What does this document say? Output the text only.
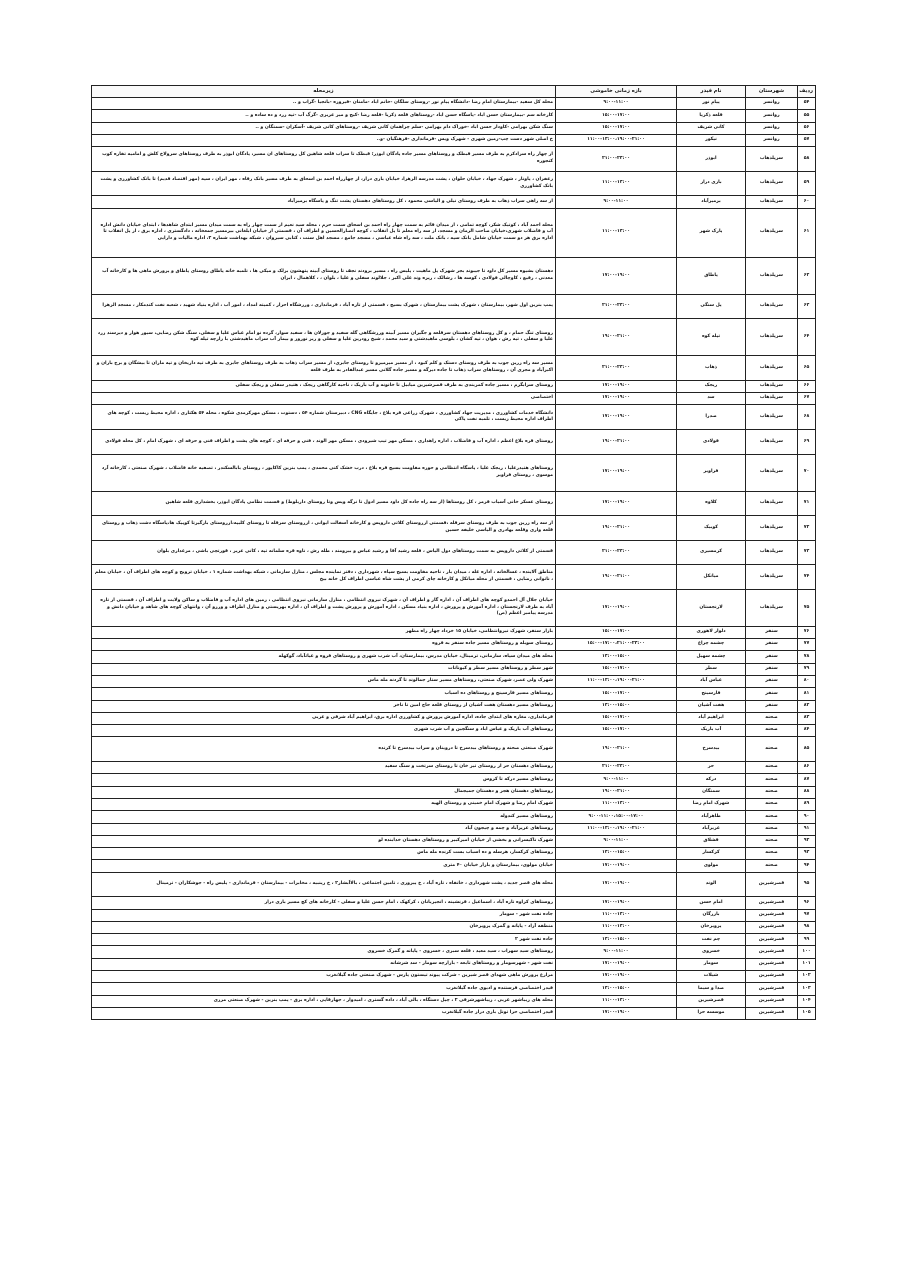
ردیف	شهرستان	نام فیدر	بازه زمانی خاموشی	زیرمحله
۵۴	روانسر	پیام نور	۹:۰۰-۱۱:۰۰	محله کل سفید -بیمارستان امام رضا -دانشگاه پیام نور -روستای سلگان -خانم اباد -مامنان -فیروزه -بانجیا -گراب و ..
۵۵	روانسر	قلعه ذکریا	۱۵:۰۰-۱۷:۰۰	کارخانه سم -بیمارستان حسن اباد -پاسگاه حسن اباد -روستاهای قلعه ذکریا -قلعه رضا -کیج و میر عزیزی -گرگ آب -تپه زرد و ده ساده و ..
۵۶	روانسر	کانی شریف	۱۵:۰۰-۱۷:۰۰	سنگ شکن بهرامی -کاودار حسن اباد -خوراک دام بهرامی -سلم چراهمان کانی شریف -روستاهای کانی شریف -آسکران -سمنگان و ..
۵۷	روانسر	نیکور	۱۱:۰۰-۱۳:۰۰،۱۹:۰۰-۲۱:۰۰	خ اصلی شهر دست چپ-زمین شهری - شهرک ویس -فرمانداری -فرهنگیان -و..
۵۸	سرپلذهاب	ابوذر	۲۱:۰۰-۲۳:۰۰	از چهار راه سرادکرم به طرف مسیر قبطک و روستاهای مسیر جاده پادگان ابوذر؛ قبطک تا سراب قلعه شاهین کل روستاهای ان مسیر، پادگان ابوذر به طرف روستاهای سرولاخ کلش و امامیه تقاره کوب کنجوره
۵۹	سرپلذهاب	بازی دراز	۱۱:۰۰-۱۳:۰۰	زعفران ، پاونار ، شهرک جهاد ، خیابان حلوان ، پشت مدرسه الزهرا، خیابان بازی دراز، از چهارراه احمد بن اسحاق به طرف مسیر بانک رفاه ، مهر ایران ، سپه (مهر اقتصاد قدیم) تا بانک کشاورزی و پشت بانک کشاورزی
۶۰	سرپلذهاب	بزمیرآباد	۹:۰۰-۱۱:۰۰	از سه راهی سراب ذهاب به طرف روستای نیلی و الیاسی محمود ، کل روستاهای دهستان پشت تنگ و پاسگاه بزمیرآباد
۶۱	سرپلذهاب	پارک شهر	۱۱:۰۰-۱۳:۰۰	محله احمد آباد ، کوتیک شکر، کوچه تمامی ، از میدان قائم به سمت چهار راه احمد بن اسحاق سمت حرم ، محله سید نعیم از سمت چهار راه به سمت میدان مسیر ابتدای شاهدها ، ابتدای خیابان دانش اداره آب و فاضلاب شهری،خیابان صاحب الزمان و مسجد، از سه راه معلم تا پل انقلاب ، کوچه انصارالحسین و اطراف آن ، قسمتی از خیابان ابلغانی بیرمسیر جمعخانه ، دادگستری ، اداره برق ، از پل انقلاب تا اداره برق هر دو سمت خیابان شامل بانک سپه ، بانک ملت ، سه راه شاه عباسی ، مسجد جامع ، مسجد اهل سنت ، کتابی سیروان ، شبکه بهداشت شماره ۲، اداره مالیات و دارایی
۶۲	سرپلذهاب	پاطاق	۱۷:۰۰-۱۹:۰۰	دهستان بشیوه مسیر کل داود تا جیبوند بجز شهرک پل ماهیت ، پلیس راه ، مسیر بزودند نجف تا روستای آبینه پتهشون بزلک و میکی ها ، تلمبه خانه پاطاق روستای پاطاق و پرورش ماهی ها و کارخانه آب معدنی ، رفیع ، کاوچالی فولادی ، کوسه ها ، رشالک ، ریزه وند علی اکبر ، جلالوند سفلی و علیا ، بلوان ، ، کلاهمال ، ایران
۶۳	سرپلذهاب	پل سنگی	۲۱:۰۰-۲۳:۰۰	پمپ بنزین اول شهر، بیمارستان ، شهرک پشت بیمارستان ، شهرک بسیج ، قسمتی از تازه آباد ، فرمانداری ، ورزشگاه احرار ، کمیته امداد ، امور آب ، اداره بنیاد شهید ، شعبه نفت کندمکاز ، مسجد الزهرا
۶۴	سرپلذهاب	تپله کوه	۱۹:۰۰-۲۱:۰۰	روستای تنگ حمام ، و کل روستاهای دهستان سرقلعه و جگیران مسیر آبینه ورزشگاهی گله سفید و جوزلان ها ، سفید سوار، گرده نو امام عباس علیا و سفلی، سنگ شکن رضایی، سیور هوار و دیرسند زرد علیا و سفلی ، تپه رش ، هوان ، تپه کشان ، بلوسی ماهیدشتی و سید محمد ، شیخ رودرین علیا و سفلی و ریز نوروز و بیماز آب سراب ماهیدشتی با زارچه تپله کوه
۶۵	سرپلذهاب	ذهاب	۲۱:۰۰-۲۳:۰۰	مسیر سه راه زرین جوب به طرف روستای دستک و کلم کبود ، از مسیر میرمیرو تا روستای جابری، از مسیر سراب ذهاب به طرف روستاهای جابری به طرف تپه داریخان و تپه ماران تا بیشگان و برج باران و اکبرآباد و مجری آن ، روستاهای سراب ذهاب تا جاده دیرگه و مسیر جاده گلانی مسیر عبدالقادر به طرف قلعه
۶۶	سرپلذهاب	ریجک	۱۷:۰۰-۱۹:۰۰	روستای سرابگرم ، مسیر جاده کمربندی به طرف قصرشیرین میابیل تا خانونه و آب باریک ، ناحیه کارگاهی ریجک ، هتیدر سفلی و ریجک سفلی
۶۷	سرپلذهاب	سد	۱۷:۰۰-۱۹:۰۰	اختصاصی
۶۸	سرپلذهاب	صدرا	۱۷:۰۰-۱۹:۰۰	دانشگاه خدمات کشاورزی ، مدیریت جهاد کشاورزی ، شهرک زراعی قره بلاغ ، جایگاه CNG ، دبیرستان شماره ۵۴ ، دستوت ، مسکن مهرکرمدی شکوه ، محله ۵۴ هکتاری ، اداره محیط زیست ، کوچه های اطراف اداره محیط زیست ، تلمبه نفت پاکی
۶۹	سرپلذهاب	فولادی	۱۹:۰۰-۲۱:۰۰	روستای قره بلاغ اعظم ، اداره آب و فاضلاب ، اداره راهداری ، مسکن مهر تیپ شیرودی ، مسکن مهر الوند ، فنی و حرفه ای ، کوچه های پشت و اطراف فنی و حرفه ای ، شهرک امام ، کل محله فولادی
۷۰	سرپلذهاب	فراویز	۱۷:۰۰-۱۹:۰۰	روستاهای هتیدرعلیا ، ریجک علیا ، پاسگاه انتظامی و حوزه مقاومت بسیج قره بلاغ ، درب خشک کنی محمدی ، پمپ بنزین کاکاپور ، روستای بابالسکندر ، تصفیه خانه فاضلاب ، شهرک صنعتی ، کارخانه آرد موسوی ، روستای فراویز
۷۱	سرپلذهاب	کلاوه	۱۷:۰۰-۱۹:۰۰	روستای عسکر خانی آسیاب قرمز ، کل روستاها (از سه راه جاده کل داود مسیر ادول تا نرگه ویس وتا روستای داربلوط) و قسمت نظامی پادگان ابوذر، بخشداری قلعه شاهین
۷۲	سرپلذهاب	کوبیک	۱۹:۰۰-۲۱:۰۰	از سه راه زرین جوب به طرف روستای سرقله ،قسمتی ازروستای کلاتی داروپس و کارخانه آسفالت ایوانی ، ازروستای سرقله تا روستای کلیپه،ازروستای بازگیرتا کوپیک ها،پاسگاه دشت ذهاب و روستای قلعه واری وقلعه بهادری و الیاسی خلیفه حسین
۷۳	سرپلذهاب	کرمسیری	۲۱:۰۰-۲۳:۰۰	قسمتی از کلاتی داروپس به سمت روستاهای دول الیاس ، قلعه رشید آقا و رشید عباس و بیرومند ، طله رش ، ناوه قره سلمانه تپه ، کانی عزیز ، قورتچی باشی ، مرغداری بلوان
۷۴	سرپلذهاب	میانکل	۱۹:۰۰-۲۱:۰۰	مناطق آلاینده ، عسالخانه ، اداره غله ، میدان بار ، ناحیه مقاومت بسیج سپاه ، شهرداری ، دفتر نماینده مجلس ، منازل سازمانی ، شبکه بهداشت شماره ۱ ، خیابان ترویج و کوچه های اطراف آن ، خیابان معلم ، ناتوانی رضایی ، قسمتی از محله میانکل و کارخانه چای کرمی از پشت شاه عباسی اطراف کل خانه بیخ
۷۵	سرپلذهاب	لارنجستان	۱۷:۰۰-۱۹:۰۰	خیابان جلال آل احمدو کوچه های اطراف آن ، اداره گاز و اطراف آن ، شهرک نیروی انتظامی ، منازل سازمانی نیروی انتظامی ، زمین های اداره آب و فاضلاب و ساکن ولایت و اطراف آن ، قسمتی از تازه آباد به طرف لارنجستان ، اداره آموزش و پرورش ، اداره بنیاد مسکن ، اداره آموزش و پرورش پشت و اطراف آن ، اداره بهزیستی و منازل اطراف و ورزو آن ، وانتهای کوچه های شاهد و خیابان دانش و مدرسه پیامبر اعظم (ص)
۷۶	سنقر	دلوار لاهوری	۱۵:۰۰-۱۷:۰۰	بازار سنقر، شهرک نیروانتظامی، خیابان ۱۵ خرداد چهار راه مطهر
۷۷	سنقر	چشمه چراغ	۱۵:۰۰-۱۷:۰۰،۲۱:۰۰-۲۳:۰۰	روستای سوبله و روستاهای مسیر جاده سنقر به فروه
۷۸	سنقر	چشمه سهیل	۱۳:۰۰-۱۵:۰۰	محله های میدان سپاه، سازمانی، ترمینال، خیابان مدرس، بیمارستان، آب شرب شهری و روستاهای فروه و غیاثآباد، گوکهله
۷۹	سنقر	سطر	۱۵:۰۰-۱۷:۰۰	شهر سطر و روستاهای مسیر سطر و کیوناتات
۸۰	سنقر	عباس آباد	۱۱:۰۰-۱۳:۰۰،۱۹:۰۰-۲۱:۰۰	شهرک ولی عصر، شهرک صنعتی، روستاهای مسیر ستار جمالوند تا گردنه مله ماس
۸۱	سنقر	فارسینج	۱۵:۰۰-۱۷:۰۰	روستاهای مسیر فارسینج و روستاهای ده اسباب
۸۲	سنقر	هفت آشیان	۱۳:۰۰-۱۵:۰۰	روستاهای مسیر دهستان هفت آشیان از روستای قلعه حاج امین تا ناخر
۸۳	صحنه	ابراهیم آباد	۱۵:۰۰-۱۷:۰۰	فرمانداری، مغازه های ابتدای جاده، اداره آموزش پرورش و کشاورزی اداره برق، ابراهیم آباد شرقی و غربی
۸۴	صحنه	آب باریک	۱۵:۰۰-۱۷:۰۰	روستاهای آب باریک و عباس اباد و سنگچین و آب شرب شهری
۸۵	صحنه	بیدسرخ	۱۹:۰۰-۲۱:۰۰	شهرک صنعتی صحنه و روستاهای بیدسرخ تا دروینان و سراب بیدسرخ تا کرنده
۸۶	صحنه	حر	۲۱:۰۰-۲۳:۰۰	روستاهای دهستان حر از روستای تیر خان تا روستای سرتخت و سنگ سفید
۸۷	صحنه	درکه	۹:۰۰-۱۱:۰۰	روستاهای مسیر درکه تا کروس
۸۸	صحنه	سمنگان	۱۹:۰۰-۲۱:۰۰	روستاهای دهستان هجر و دهستان جمیجمال
۸۹	صحنه	شهرک امام رضا	۱۱:۰۰-۱۳:۰۰	شهرک امام رضا و شهرک امام خمینی و روستای الهیه
۹۰	صحنه	طاهرآباد	۹:۰۰-۱۱:۰۰،۱۵:۰۰-۱۷:۰۰	روستاهای مسیر کندوله
۹۱	صحنه	عزیزآباد	۱۱:۰۰-۱۳:۰۰،۱۹:۰۰-۲۱:۰۰	روستاهای عزیزآباد و چمه و چیجون آباد
۹۲	صحنه	قشلاق	۹:۰۰-۱۱:۰۰	شهرک ناکیسرانی و بخشی از خیابان امیرکبیر و روستاهای دهستان خدابنده لو
۹۳	صحنه	کرکسار	۱۳:۰۰-۱۵:۰۰	روستاهای کرکسار، هرسله و ده اسباب بست کرنده مله ماس
۹۴	صحنه	مولوی	۱۷:۰۰-۱۹:۰۰	خیابان مولوی، بیمارستان و بازار خیابان ۴۰ متری
۹۵	قصرشیرین	الوند	۱۷:۰۰-۱۹:۰۰	محله های قصر جدید ، پشت شهرداری ، خانقاه ، تازه آباد ، خ پیروزی ، تامین اجتماعی ، بالاآبشار۲ ، خ زینبیه ، مخابرات - بیمارستان - فرمانداری - پلیس راه - جوشکاران - ترمینال
۹۶	قصرشیرین	امام حسن	۱۷:۰۰-۱۹:۰۰	روستاهای کراوه تازه آباد ، اسماعیل ، قرنشینه ، انجیربانان ، کرکهک ، امام حسن علیا و سفلی - کارخانه های کچ مسیر بازی دراز
۹۷	قصرشیرین	بازرگان	۱۱:۰۰-۱۳:۰۰	جاده نفت شهر - سومار
۹۸	قصرشیرین	پرویزخان	۱۱:۰۰-۱۳:۰۰	منطقه آزاد - پایانه و گمرک پرویزخان
۹۹	قصرشیرین	چم نفت	۱۳:۰۰-۱۵:۰۰	جاده نفت شهر ۲
۱۰۰	قصرشیرین	خسروی	۹:۰۰-۱۱:۰۰	روستاهای سید سهراب ، سید معید ، قلعه سبزی ، خسروی - پایانه و گمرک خسروی
۱۰۱	قصرشیرین	سومار	۱۷:۰۰-۱۹:۰۰	نفت شهر - شهرسومار و روستاهای تابعه - بازارچه سومار - سد شرشانه
۱۰۲	قصرشیرین	شیلات	۱۷:۰۰-۱۹:۰۰	مزارع پرورش ماهی شهدای قصر شیرین - شرکت پیوند تیستون پارس - شهرک صنعتی جاده گیلانغرب
۱۰۳	قصرشیرین	صدا و سیما	۱۳:۰۰-۱۵:۰۰	فیدر اختصاصی فرستنده و ادیوی جاده گیلانغرب
۱۰۴	قصرشیرین	قصرشیرین	۱۱:۰۰-۱۳:۰۰	محله های زیباشهر غربی ، زیباشهرشرقی ۲ ، چیل دستگاه ، بالی آباد ، داده گستری ، امیدوار ، جهارقاپی ، اداره برق - پمپ بنزین - شهرک صنعتی مرزی
۱۰۵	قصرشیرین	موسسه حرا	۱۷:۰۰-۱۹:۰۰	فیدر اختصاصی حرا تونل بازی دراز جاده گیلانغرب
